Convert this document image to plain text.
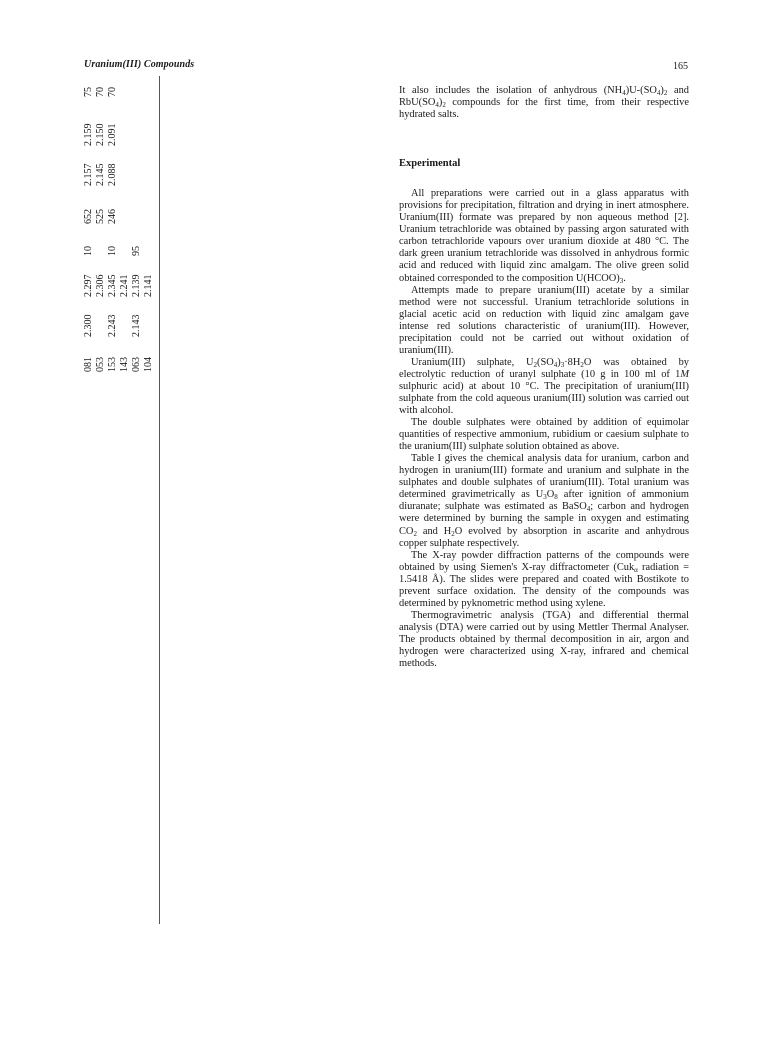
Uranium(III) Compounds	165
081
2.300
2.297
10
652
2.157
2.159
75
053
2.306
525
2.145
2.150
70
153
2.243
2.345
10
246
2.088
2.091
70
143
2.241
063
2.143
2.139
95
104
2.141

It also includes the isolation of anhydrous $(NH_4)U-(SO_4)_2$ and $RbU(SO_4)_2$ compounds for the first time, from their respective hydrated salts.

Experimental

All preparations were carried out in a glass apparatus with provisions for precipitation, filtration and drying in inert atmosphere. Uranium(III) formate was prepared by non aqueous method [2]. Uranium tetrachloride was obtained by passing argon saturated with carbon tetrachloride vapours over uranium dioxide at 480 °C. The dark green uranium tetrachloride was dissolved in anhydrous formic acid and reduced with liquid zinc amalgam. The olive green solid obtained corresponded to the composition $U(HCOO)_3$.

Attempts made to prepare uranium(III) acetate by a similar method were not successful. Uranium tetrachloride solutions in glacial acetic acid on reduction with liquid zinc amalgam gave intense red solutions characteristic of uranium(III). However, precipitation could not be carried out without oxidation of uranium(III).

Uranium(III) sulphate, $U_2(SO_4)_3\cdot 8H_2O$ was obtained by electrolytic reduction of uranyl sulphate (10 g in 100 ml of 1M sulphuric acid) at about 10 °C. The precipitation of uranium(III) sulphate from the cold aqueous uranium(III) solution was carried out with alcohol.

The double sulphates were obtained by addition of equimolar quantities of respective ammonium, rubidium or caesium sulphate to the uranium(III) sulphate solution obtained as above.

Table I gives the chemical analysis data for uranium, carbon and hydrogen in uranium(III) formate and uranium and sulphate in the sulphates and double sulphates of uranium(III). Total uranium was determined gravimetrically as $U_3O_8$ after ignition of ammonium diuranate; sulphate was estimated as BaSO$_4$; carbon and hydrogen were determined by burning the sample in oxygen and estimating $CO_2$ and $H_2O$ evolved by absorption in ascarite and anhydrous copper sulphate respectively.

The X-ray powder diffraction patterns of the compounds were obtained by using Siemen's X-ray diffractometer (Cuk$_\alpha$ radiation = 1.5418 Å). The slides were prepared and coated with Bostikote to prevent surface oxidation. The density of the compounds was determined by pyknometric method using xylene.

Thermogravimetric analysis (TGA) and differential thermal analysis (DTA) were carried out by using Mettler Thermal Analyser. The products obtained by thermal decomposition in air, argon and hydrogen were characterized using X-ray, infrared and chemical methods.
